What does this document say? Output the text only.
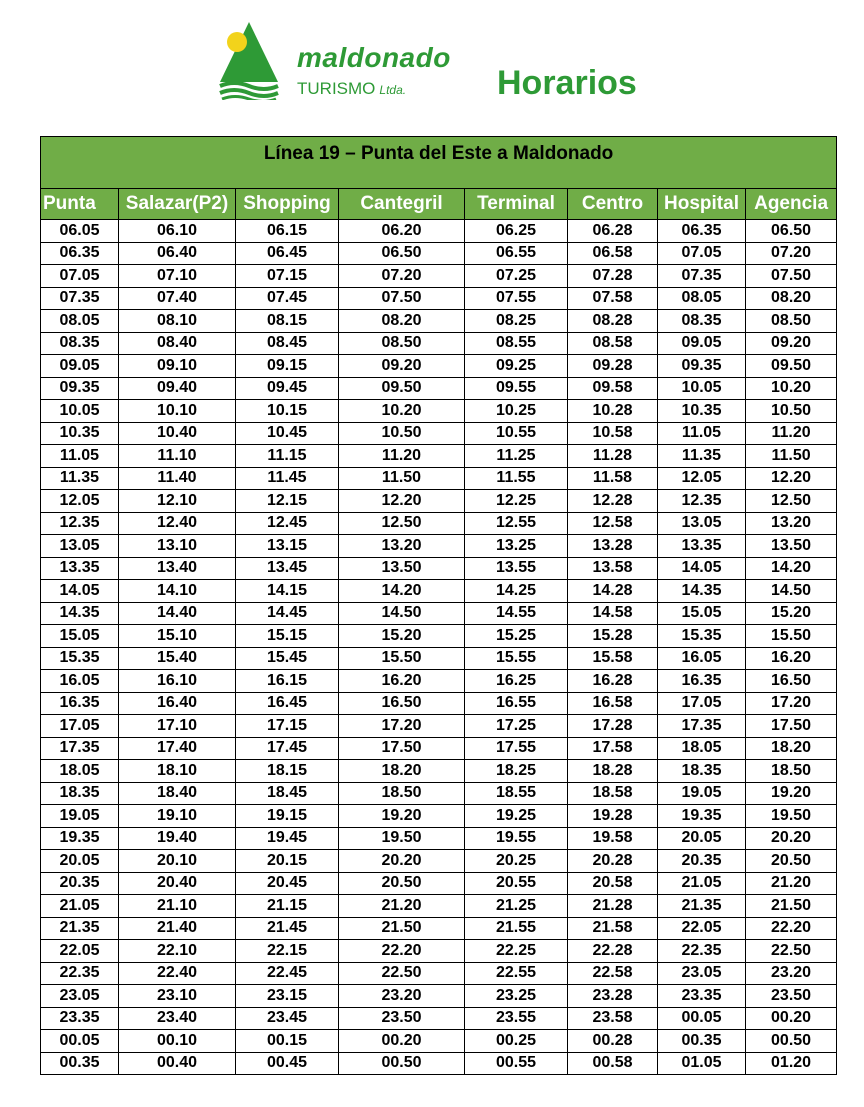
maldonado
TURISMO Ltda.	Horarios
Línea 19 – Punta del Este a Maldonado							
Punta	Salazar(P2)	Shopping	Cantegril	Terminal	Centro	Hospital	Agencia
06.05	06.10	06.15	06.20	06.25	06.28	06.35	06.50
06.35	06.40	06.45	06.50	06.55	06.58	07.05	07.20
07.05	07.10	07.15	07.20	07.25	07.28	07.35	07.50
07.35	07.40	07.45	07.50	07.55	07.58	08.05	08.20
08.05	08.10	08.15	08.20	08.25	08.28	08.35	08.50
08.35	08.40	08.45	08.50	08.55	08.58	09.05	09.20
09.05	09.10	09.15	09.20	09.25	09.28	09.35	09.50
09.35	09.40	09.45	09.50	09.55	09.58	10.05	10.20
10.05	10.10	10.15	10.20	10.25	10.28	10.35	10.50
10.35	10.40	10.45	10.50	10.55	10.58	11.05	11.20
11.05	11.10	11.15	11.20	11.25	11.28	11.35	11.50
11.35	11.40	11.45	11.50	11.55	11.58	12.05	12.20
12.05	12.10	12.15	12.20	12.25	12.28	12.35	12.50
12.35	12.40	12.45	12.50	12.55	12.58	13.05	13.20
13.05	13.10	13.15	13.20	13.25	13.28	13.35	13.50
13.35	13.40	13.45	13.50	13.55	13.58	14.05	14.20
14.05	14.10	14.15	14.20	14.25	14.28	14.35	14.50
14.35	14.40	14.45	14.50	14.55	14.58	15.05	15.20
15.05	15.10	15.15	15.20	15.25	15.28	15.35	15.50
15.35	15.40	15.45	15.50	15.55	15.58	16.05	16.20
16.05	16.10	16.15	16.20	16.25	16.28	16.35	16.50
16.35	16.40	16.45	16.50	16.55	16.58	17.05	17.20
17.05	17.10	17.15	17.20	17.25	17.28	17.35	17.50
17.35	17.40	17.45	17.50	17.55	17.58	18.05	18.20
18.05	18.10	18.15	18.20	18.25	18.28	18.35	18.50
18.35	18.40	18.45	18.50	18.55	18.58	19.05	19.20
19.05	19.10	19.15	19.20	19.25	19.28	19.35	19.50
19.35	19.40	19.45	19.50	19.55	19.58	20.05	20.20
20.05	20.10	20.15	20.20	20.25	20.28	20.35	20.50
20.35	20.40	20.45	20.50	20.55	20.58	21.05	21.20
21.05	21.10	21.15	21.20	21.25	21.28	21.35	21.50
21.35	21.40	21.45	21.50	21.55	21.58	22.05	22.20
22.05	22.10	22.15	22.20	22.25	22.28	22.35	22.50
22.35	22.40	22.45	22.50	22.55	22.58	23.05	23.20
23.05	23.10	23.15	23.20	23.25	23.28	23.35	23.50
23.35	23.40	23.45	23.50	23.55	23.58	00.05	00.20
00.05	00.10	00.15	00.20	00.25	00.28	00.35	00.50
00.35	00.40	00.45	00.50	00.55	00.58	01.05	01.20
